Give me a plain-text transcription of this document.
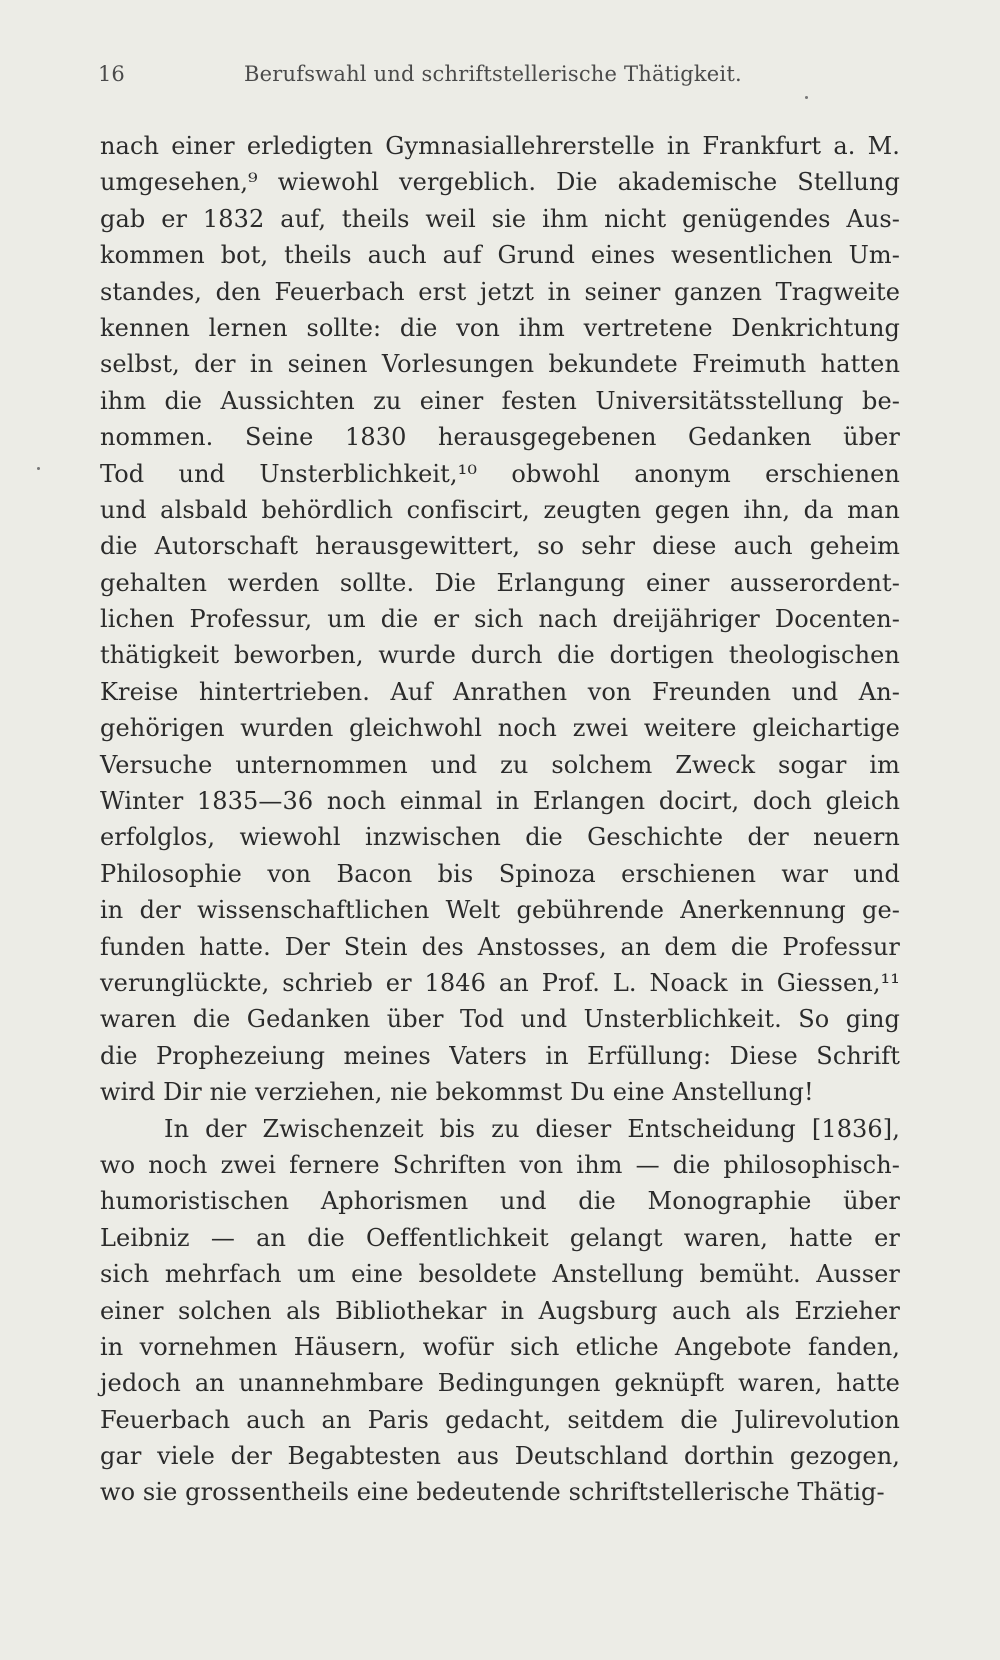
16	Berufswahl und schriftstellerische Thätigkeit.
nach einer erledigten Gymnasiallehrerstelle in Frankfurt a. M.
umgesehen,⁹ wiewohl vergeblich. Die akademische Stellung
gab er 1832 auf, theils weil sie ihm nicht genügendes Aus-
kommen bot, theils auch auf Grund eines wesentlichen Um-
standes, den Feuerbach erst jetzt in seiner ganzen Tragweite
kennen lernen sollte: die von ihm vertretene Denkrichtung
selbst, der in seinen Vorlesungen bekundete Freimuth hatten
ihm die Aussichten zu einer festen Universitätsstellung be-
nommen. Seine 1830 herausgegebenen Gedanken über
Tod und Unsterblichkeit,¹⁰ obwohl anonym erschienen
und alsbald behördlich confiscirt, zeugten gegen ihn, da man
die Autorschaft herausgewittert, so sehr diese auch geheim
gehalten werden sollte. Die Erlangung einer ausserordent-
lichen Professur, um die er sich nach dreijähriger Docenten-
thätigkeit beworben, wurde durch die dortigen theologischen
Kreise hintertrieben. Auf Anrathen von Freunden und An-
gehörigen wurden gleichwohl noch zwei weitere gleichartige
Versuche unternommen und zu solchem Zweck sogar im
Winter 1835—36 noch einmal in Erlangen docirt, doch gleich
erfolglos, wiewohl inzwischen die Geschichte der neuern
Philosophie von Bacon bis Spinoza erschienen war und
in der wissenschaftlichen Welt gebührende Anerkennung ge-
funden hatte. Der Stein des Anstosses, an dem die Professur
verunglückte, schrieb er 1846 an Prof. L. Noack in Giessen,¹¹
waren die Gedanken über Tod und Unsterblichkeit. So ging
die Prophezeiung meines Vaters in Erfüllung: Diese Schrift
wird Dir nie verziehen, nie bekommst Du eine Anstellung!
In der Zwischenzeit bis zu dieser Entscheidung [1836],
wo noch zwei fernere Schriften von ihm — die philosophisch-
humoristischen Aphorismen und die Monographie über
Leibniz — an die Oeffentlichkeit gelangt waren, hatte er
sich mehrfach um eine besoldete Anstellung bemüht. Ausser
einer solchen als Bibliothekar in Augsburg auch als Erzieher
in vornehmen Häusern, wofür sich etliche Angebote fanden,
jedoch an unannehmbare Bedingungen geknüpft waren, hatte
Feuerbach auch an Paris gedacht, seitdem die Julirevolution
gar viele der Begabtesten aus Deutschland dorthin gezogen,
wo sie grossentheils eine bedeutende schriftstellerische Thätig-
